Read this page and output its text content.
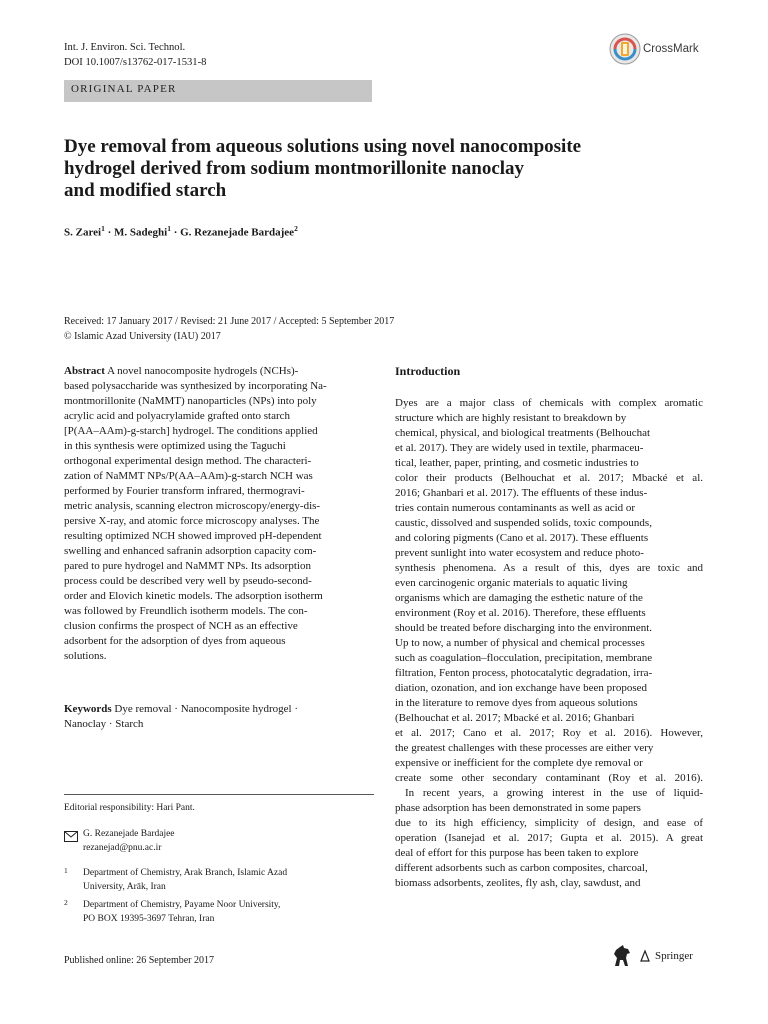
Int. J. Environ. Sci. Technol.
DOI 10.1007/s13762-017-1531-8
CrossMark
ORIGINAL PAPER
Dye removal from aqueous solutions using novel nanocomposite
hydrogel derived from sodium montmorillonite nanoclay
and modified starch
S. Zarei$^1$ · M. Sadeghi$^1$ · G. Rezanejade Bardajee$^2$
Received: 17 January 2017 / Revised: 21 June 2017 / Accepted: 5 September 2017
© Islamic Azad University (IAU) 2017
Abstract A novel nanocomposite hydrogels (NCHs)-
based polysaccharide was synthesized by incorporating Na-
montmorillonite (NaMMT) nanoparticles (NPs) into poly
acrylic acid and polyacrylamide grafted onto starch
[P(AA–AAm)-g-starch] hydrogel. The conditions applied
in this synthesis were optimized using the Taguchi
orthogonal experimental design method. The characteri-
zation of NaMMT NPs/P(AA–AAm)-g-starch NCH was
performed by Fourier transform infrared, thermogravi-
metric analysis, scanning electron microscopy/energy-dis-
persive X-ray, and atomic force microscopy analyses. The
resulting optimized NCH showed improved pH-dependent
swelling and enhanced safranin adsorption capacity com-
pared to pure hydrogel and NaMMT NPs. Its adsorption
process could be described very well by pseudo-second-
order and Elovich kinetic models. The adsorption isotherm
was followed by Freundlich isotherm models. The con-
clusion confirms the prospect of NCH as an effective
adsorbent for the adsorption of dyes from aqueous
solutions.
Keywords Dye removal · Nanocomposite hydrogel ·
Nanoclay · Starch
Editorial responsibility: Hari Pant.
G. Rezanejade Bardajee
rezanejad@pnu.ac.ir
1 Department of Chemistry, Arak Branch, Islamic Azad
University, Arāk, Iran
2 Department of Chemistry, Payame Noor University,
PO BOX 19395-3697 Tehran, Iran
Published online: 26 September 2017
Introduction
Dyes are a major class of chemicals with complex aromatic
structure which are highly resistant to breakdown by
chemical, physical, and biological treatments (Belhouchat
et al. 2017). They are widely used in textile, pharmaceu-
tical, leather, paper, printing, and cosmetic industries to
color their products (Belhouchat et al. 2017; Mbacké et al.
2016; Ghanbari et al. 2017). The effluents of these indus-
tries contain numerous contaminants as well as acid or
caustic, dissolved and suspended solids, toxic compounds,
and coloring pigments (Cano et al. 2017). These effluents
prevent sunlight into water ecosystem and reduce photo-
synthesis phenomena. As a result of this, dyes are toxic and
even carcinogenic organic materials to aquatic living
organisms which are damaging the esthetic nature of the
environment (Roy et al. 2016). Therefore, these effluents
should be treated before discharging into the environment.
Up to now, a number of physical and chemical processes
such as coagulation–flocculation, precipitation, membrane
filtration, Fenton process, photocatalytic degradation, irra-
diation, ozonation, and ion exchange have been proposed
in the literature to remove dyes from aqueous solutions
(Belhouchat et al. 2017; Mbacké et al. 2016; Ghanbari
et al. 2017; Cano et al. 2017; Roy et al. 2016). However,
the greatest challenges with these processes are either very
expensive or inefficient for the complete dye removal or
create some other secondary contaminant (Roy et al. 2016).
In recent years, a growing interest in the use of liquid-
phase adsorption has been demonstrated in some papers
due to its high efficiency, simplicity of design, and ease of
operation (Isanejad et al. 2017; Gupta et al. 2015). A great
deal of effort for this purpose has been taken to explore
different adsorbents such as carbon composites, charcoal,
biomass adsorbents, zeolites, fly ash, clay, sawdust, and
Springer
